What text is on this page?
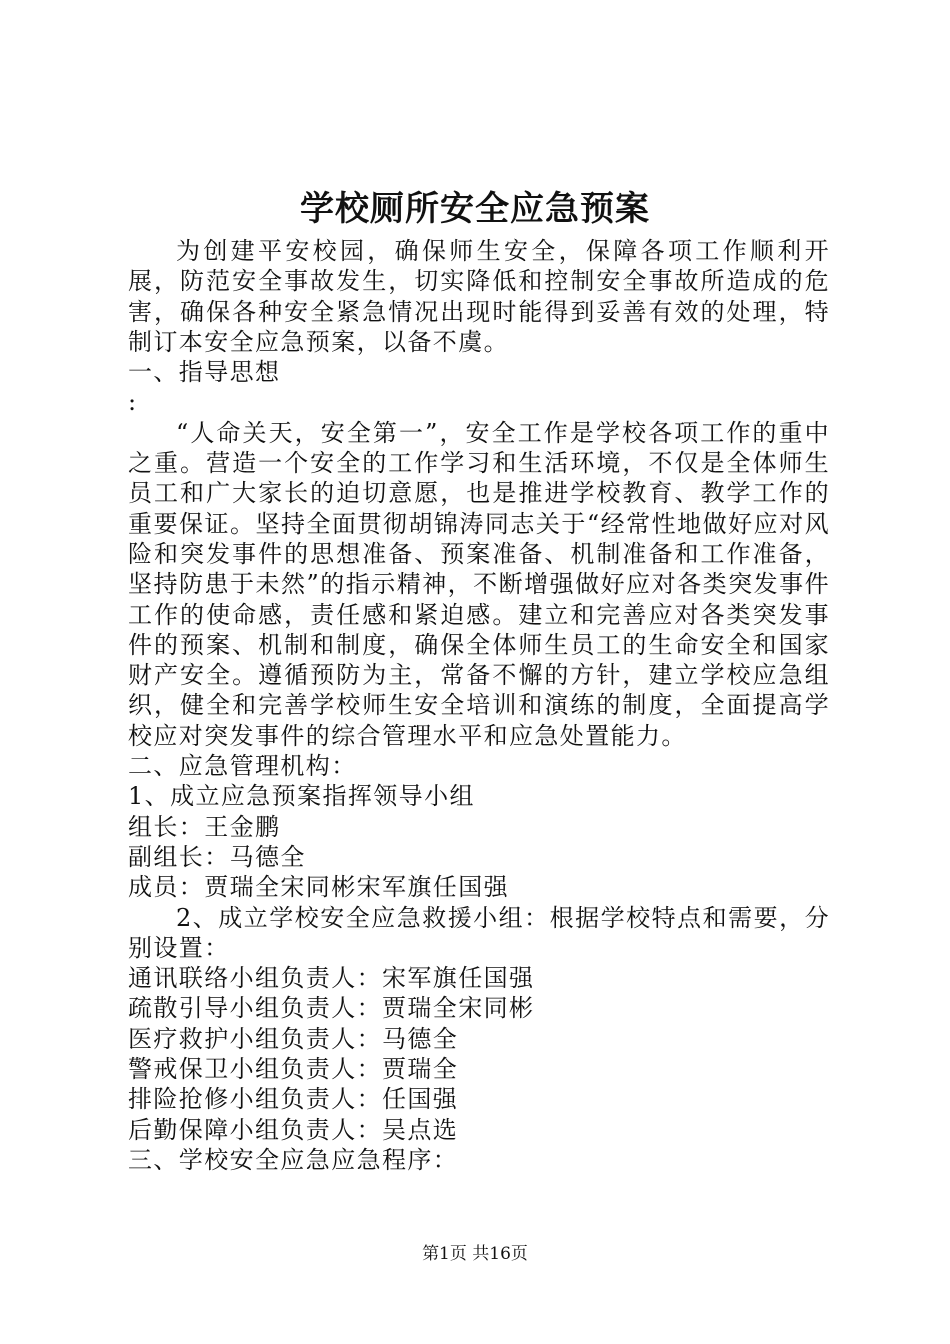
学校厕所安全应急预案

为创建平安校园，确保师生安全，保障各项工作顺利开展，防范安全事故发生，切实降低和控制安全事故所造成的危害，确保各种安全紧急情况出现时能得到妥善有效的处理，特制订本安全应急预案，以备不虞。

一、指导思想

:

“人命关天，安全第一”，安全工作是学校各项工作的重中之重。营造一个安全的工作学习和生活环境，不仅是全体师生员工和广大家长的迫切意愿，也是推进学校教育、教学工作的重要保证。坚持全面贯彻胡锦涛同志关于“经常性地做好应对风险和突发事件的思想准备、预案准备、机制准备和工作准备，坚持防患于未然”的指示精神，不断增强做好应对各类突发事件工作的使命感，责任感和紧迫感。建立和完善应对各类突发事件的预案、机制和制度，确保全体师生员工的生命安全和国家财产安全。遵循预防为主，常备不懈的方针，建立学校应急组织，健全和完善学校师生安全培训和演练的制度，全面提高学校应对突发事件的综合管理水平和应急处置能力。

二、应急管理机构：

1、成立应急预案指挥领导小组

组长：王金鹏

副组长：马德全

成员：贾瑞全宋同彬宋军旗任国强

2、成立学校安全应急救援小组：根据学校特点和需要，分别设置：

通讯联络小组负责人：宋军旗任国强

疏散引导小组负责人：贾瑞全宋同彬

医疗救护小组负责人：马德全

警戒保卫小组负责人：贾瑞全

排险抢修小组负责人：任国强

后勤保障小组负责人：吴点选

三、学校安全应急应急程序：

第1页 共16页
